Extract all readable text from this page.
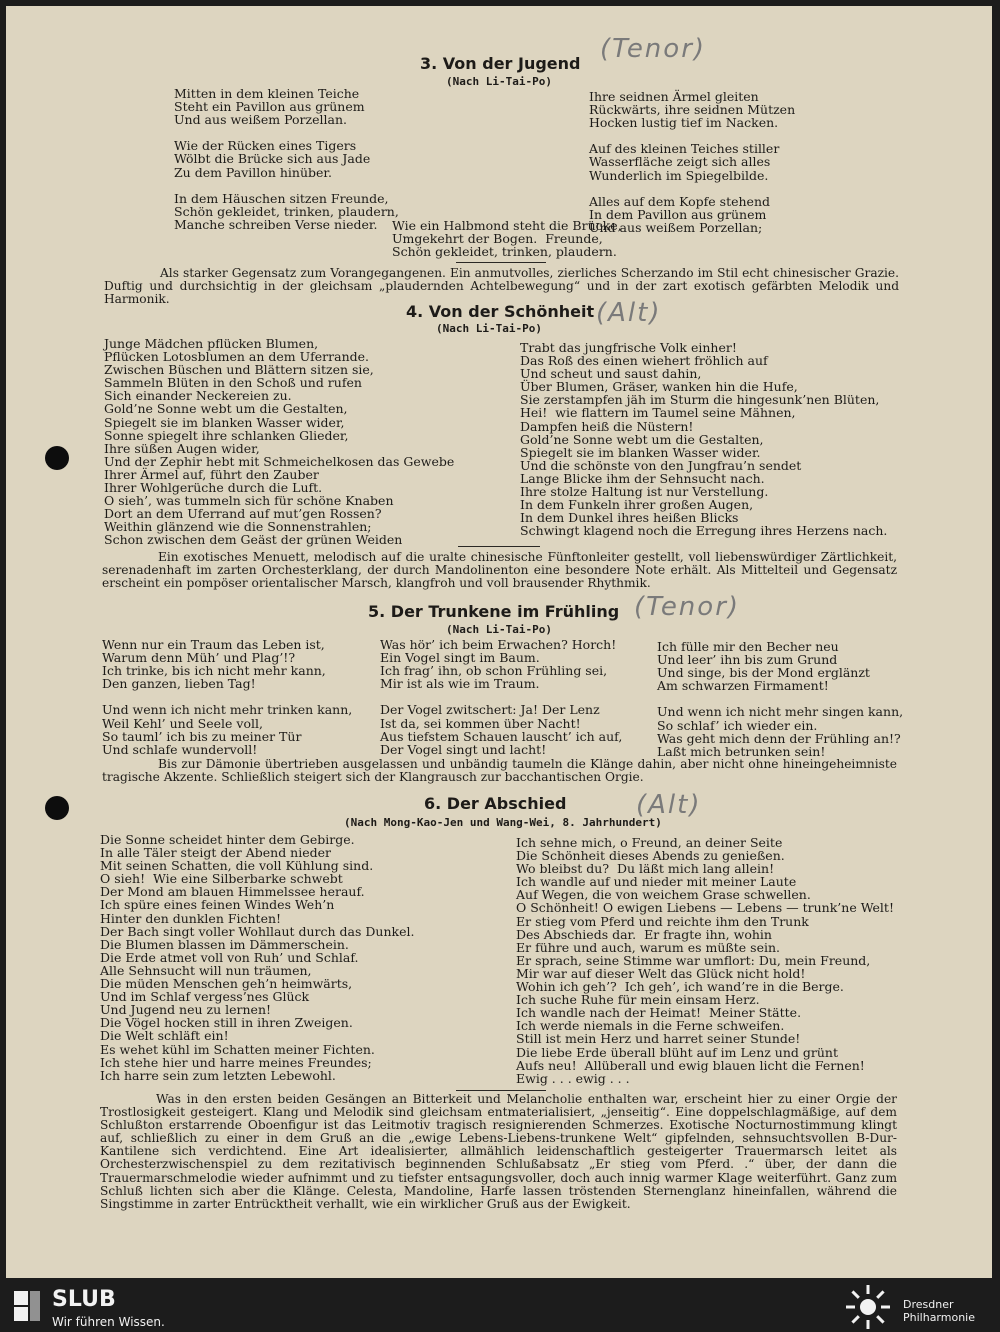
3. Von der Jugend (Tenor)
(Nach Li-Tai-Po)
Mitten in dem kleinen Teiche
Steht ein Pavillon aus grünem
Und aus weißem Porzellan.

Wie der Rücken eines Tigers
Wölbt die Brücke sich aus Jade
Zu dem Pavillon hinüber.

In dem Häuschen sitzen Freunde,
Schön gekleidet, trinken, plaudern,
Manche schreiben Verse nieder.
Ihre seidnen Ärmel gleiten
Rückwärts, ihre seidnen Mützen
Hocken lustig tief im Nacken.

Auf des kleinen Teiches stiller
Wasserfläche zeigt sich alles
Wunderlich im Spiegelbilde.

Alles auf dem Kopfe stehend
In dem Pavillon aus grünem
Und aus weißem Porzellan;
Wie ein Halbmond steht die Brücke,
Umgekehrt der Bogen.  Freunde,
Schön gekleidet, trinken, plaudern.

Als starker Gegensatz zum Vorangegangenen. Ein anmutvolles, zierliches Scherzando im Stil echt chinesischer Grazie. Duftig und durchsichtig in der gleichsam „plaudernden Achtelbewegung“ und in der zart exotisch gefärbten Melodik und Harmonik.

4. Von der Schönheit (Alt)
(Nach Li-Tai-Po)
Junge Mädchen pflücken Blumen,
Pflücken Lotosblumen an dem Uferrande.
Zwischen Büschen und Blättern sitzen sie,
Sammeln Blüten in den Schoß und rufen
Sich einander Neckereien zu.
Gold’ne Sonne webt um die Gestalten,
Spiegelt sie im blanken Wasser wider,
Sonne spiegelt ihre schlanken Glieder,
Ihre süßen Augen wider,
Und der Zephir hebt mit Schmeichelkosen das Gewebe
Ihrer Ärmel auf, führt den Zauber
Ihrer Wohlgerüche durch die Luft.
O sieh’, was tummeln sich für schöne Knaben
Dort an dem Uferrand auf mut’gen Rossen?
Weithin glänzend wie die Sonnenstrahlen;
Schon zwischen dem Geäst der grünen Weiden
Trabt das jungfrische Volk einher!
Das Roß des einen wiehert fröhlich auf
Und scheut und saust dahin,
Über Blumen, Gräser, wanken hin die Hufe,
Sie zerstampfen jäh im Sturm die hingesunk’nen Blüten,
Hei!  wie flattern im Taumel seine Mähnen,
Dampfen heiß die Nüstern!
Gold’ne Sonne webt um die Gestalten,
Spiegelt sie im blanken Wasser wider.
Und die schönste von den Jungfrau’n sendet
Lange Blicke ihm der Sehnsucht nach.
Ihre stolze Haltung ist nur Verstellung.
In dem Funkeln ihrer großen Augen,
In dem Dunkel ihres heißen Blicks
Schwingt klagend noch die Erregung ihres Herzens nach.

Ein exotisches Menuett, melodisch auf die uralte chinesische Fünftonleiter gestellt, voll liebenswürdiger Zärtlichkeit, serenadenhaft im zarten Orchesterklang, der durch Mandolinenton eine besondere Note erhält. Als Mittelteil und Gegensatz erscheint ein pompöser orientalischer Marsch, klangfroh und voll brausender Rhythmik.

5. Der Trunkene im Frühling (Tenor)
(Nach Li-Tai-Po)
Wenn nur ein Traum das Leben ist,
Warum denn Müh’ und Plag’!?
Ich trinke, bis ich nicht mehr kann,
Den ganzen, lieben Tag!

Und wenn ich nicht mehr trinken kann,
Weil Kehl’ und Seele voll,
So tauml’ ich bis zu meiner Tür
Und schlafe wundervoll!
Was hör’ ich beim Erwachen? Horch!
Ein Vogel singt im Baum.
Ich frag’ ihn, ob schon Frühling sei,
Mir ist als wie im Traum.

Der Vogel zwitschert: Ja! Der Lenz
Ist da, sei kommen über Nacht!
Aus tiefstem Schauen lauscht’ ich auf,
Der Vogel singt und lacht!
Ich fülle mir den Becher neu
Und leer’ ihn bis zum Grund
Und singe, bis der Mond erglänzt
Am schwarzen Firmament!

Und wenn ich nicht mehr singen kann,
So schlaf’ ich wieder ein.
Was geht mich denn der Frühling an!?
Laßt mich betrunken sein!

Bis zur Dämonie übertrieben ausgelassen und unbändig taumeln die Klänge dahin, aber nicht ohne hineingeheimniste tragische Akzente. Schließlich steigert sich der Klangrausch zur bacchantischen Orgie.

6. Der Abschied	(Alt)
(Nach Mong-Kao-Jen und Wang-Wei, 8. Jahrhundert)
Die Sonne scheidet hinter dem Gebirge.
In alle Täler steigt der Abend nieder
Mit seinen Schatten, die voll Kühlung sind.
O sieh!  Wie eine Silberbarke schwebt
Der Mond am blauen Himmelssee herauf.
Ich spüre eines feinen Windes Weh’n
Hinter den dunklen Fichten!
Der Bach singt voller Wohllaut durch das Dunkel.
Die Blumen blassen im Dämmerschein.
Die Erde atmet voll von Ruh’ und Schlaf.
Alle Sehnsucht will nun träumen,
Die müden Menschen geh’n heimwärts,
Und im Schlaf vergess’nes Glück
Und Jugend neu zu lernen!
Die Vögel hocken still in ihren Zweigen.
Die Welt schläft ein!
Es wehet kühl im Schatten meiner Fichten.
Ich stehe hier und harre meines Freundes;
Ich harre sein zum letzten Lebewohl.
Ich sehne mich, o Freund, an deiner Seite
Die Schönheit dieses Abends zu genießen.
Wo bleibst du?  Du läßt mich lang allein!
Ich wandle auf und nieder mit meiner Laute
Auf Wegen, die von weichem Grase schwellen.
O Schönheit! O ewigen Liebens — Lebens — trunk’ne Welt!
Er stieg vom Pferd und reichte ihm den Trunk
Des Abschieds dar.  Er fragte ihn, wohin
Er führe und auch, warum es müßte sein.
Er sprach, seine Stimme war umflort: Du, mein Freund,
Mir war auf dieser Welt das Glück nicht hold!
Wohin ich geh’?  Ich geh’, ich wand’re in die Berge.
Ich suche Ruhe für mein einsam Herz.
Ich wandle nach der Heimat!  Meiner Stätte.
Ich werde niemals in die Ferne schweifen.
Still ist mein Herz und harret seiner Stunde!
Die liebe Erde überall blüht auf im Lenz und grünt
Aufs neu!  Allüberall und ewig blauen licht die Fernen!
Ewig . . . ewig . . .

Was in den ersten beiden Gesängen an Bitterkeit und Melancholie enthalten war, erscheint hier zu einer Orgie der Trostlosigkeit gesteigert. Klang und Melodik sind gleichsam entmaterialisiert, „jenseitig“. Eine doppelschlagmäßige, auf dem Schlußton erstarrende Oboenfigur ist das Leitmotiv tragisch resignierenden Schmerzes. Exotische Nocturnostimmung klingt auf, schließlich zu einer in dem Gruß an die „ewige Lebens-Liebens-trunkene Welt“ gipfelnden, sehnsuchtsvollen B-Dur-Kantilene sich verdichtend. Eine Art idealisierter, allmählich leidenschaftlich gesteigerter Trauermarsch leitet als Orchesterzwischenspiel zu dem rezitativisch beginnenden Schlußabsatz „Er stieg vom Pferd. .“ über, der dann die Trauermarschmelodie wieder aufnimmt und zu tiefster entsagungsvoller, doch auch innig warmer Klage weiterführt. Ganz zum Schluß lichten sich aber die Klänge. Celesta, Mandoline, Harfe lassen tröstenden Sternenglanz hineinfallen, während die Singstimme in zarter Entrücktheit verhallt, wie ein wirklicher Gruß aus der Ewigkeit.

SLUB
Wir führen Wissen.
Dresdner
Philharmonie
